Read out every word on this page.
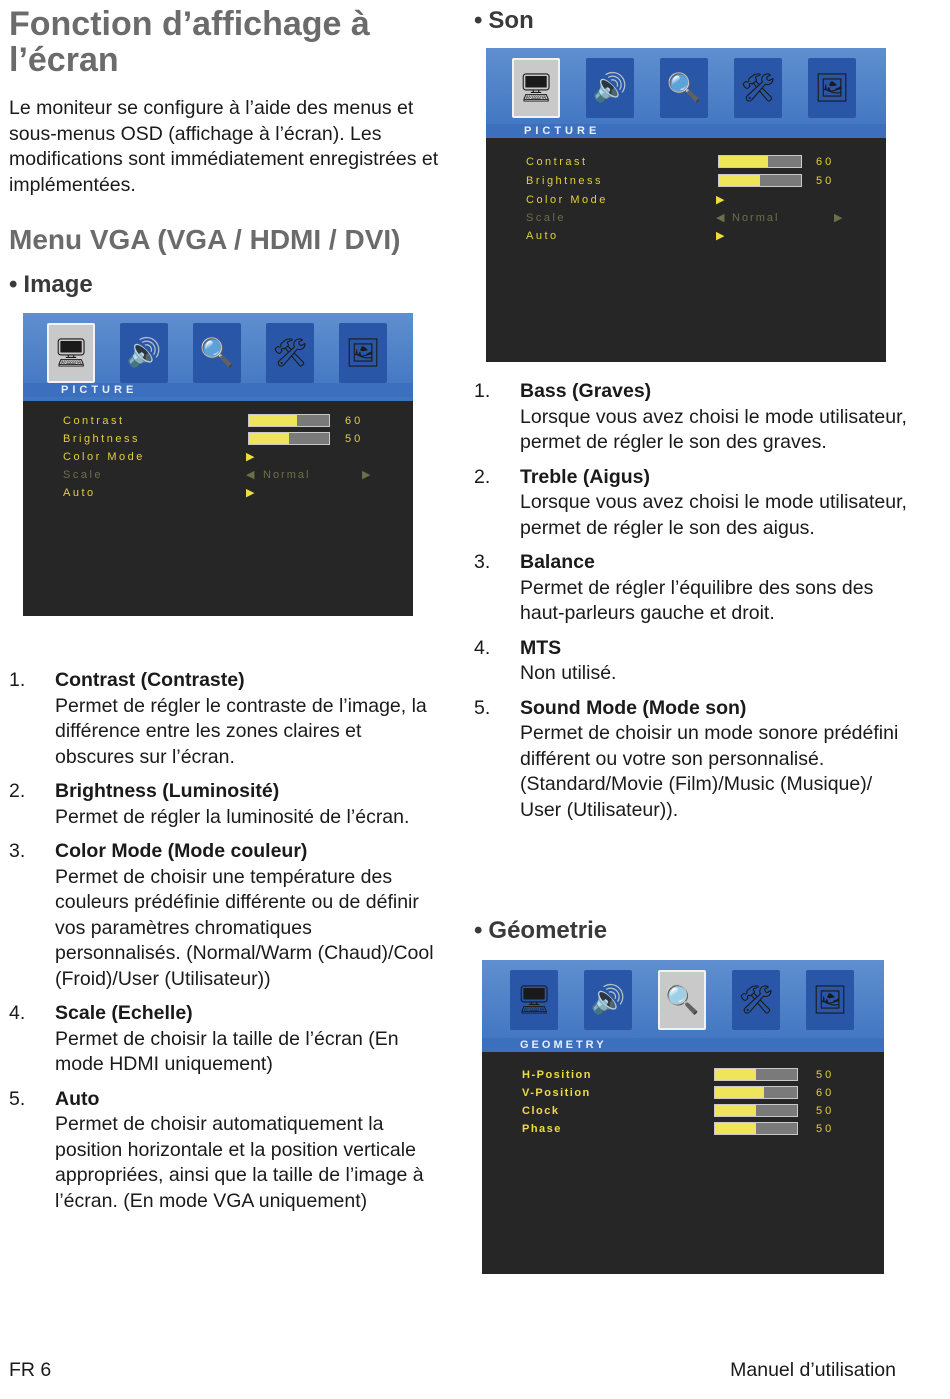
Fonction d’affichage à
l’écran

Le moniteur se configure à l’aide des menus et sous-menus OSD (affichage à l’écran). Les modifications sont immédiatement enregistrées et implémentées.

Menu VGA (VGA / HDMI / DVI)
• Image
🖥 🔊 🔍 🛠 🖼
PICTURE
Contrast	60
Brightness	50
Color Mode	▶
Scale	◀ Normal	▶
Auto	▶
1. Contrast (Contraste)
Permet de régler le contraste de l’image, la différence entre les zones claires et obscures sur l’écran.
2. Brightness (Luminosité)
Permet de régler la luminosité de l’écran.
3. Color Mode (Mode couleur)
Permet de choisir une température des couleurs prédéfinie différente ou de définir vos paramètres chromatiques personnalisés. (Normal/Warm (Chaud)/Cool (Froid)/User (Utilisateur))
4. Scale (Echelle)
Permet de choisir la taille de l’écran (En mode HDMI uniquement)
5. Auto
Permet de choisir automatiquement la position horizontale et la position verticale appropriées, ainsi que la taille de l’image à l’écran. (En mode VGA uniquement)
• Son
🖥 🔊 🔍 🛠 🖼
PICTURE
Contrast	60
Brightness	50
Color Mode	▶
Scale	◀ Normal	▶
Auto	▶
1. Bass (Graves)
Lorsque vous avez choisi le mode utilisateur, permet de régler le son des graves.
2. Treble (Aigus)
Lorsque vous avez choisi le mode utilisateur, permet de régler le son des aigus.
3. Balance
Permet de régler l’équilibre des sons des haut-parleurs gauche et droit.
4. MTS
Non utilisé.
5. Sound Mode (Mode son)
Permet de choisir un mode sonore prédéfini différent ou votre son personnalisé. (Standard/Movie (Film)/Music (Musique)/ User (Utilisateur)).
• Géometrie
🖥 🔊 🔍 🛠 🖼
GEOMETRY
H-Position	50
V-Position	60
Clock	50
Phase	50

FR 6	Manuel d’utilisation
